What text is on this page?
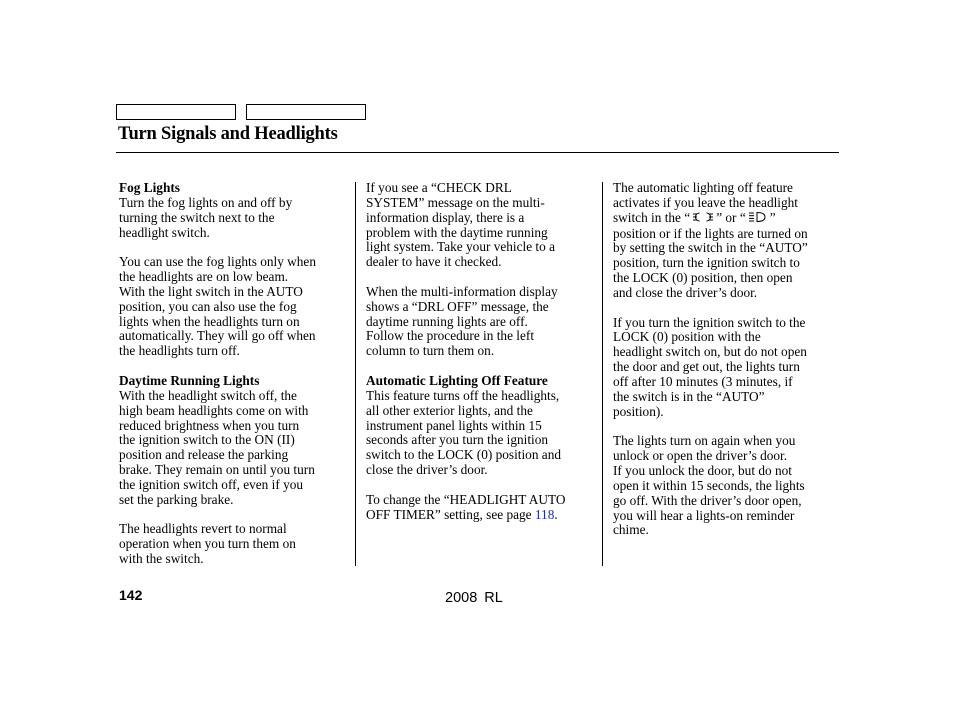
Turn Signals and Headlights

Fog Lights
Turn the fog lights on and off by
turning the switch next to the
headlight switch.

You can use the fog lights only when
the headlights are on low beam.
With the light switch in the AUTO
position, you can also use the fog
lights when the headlights turn on
automatically. They will go off when
the headlights turn off.

Daytime Running Lights
With the headlight switch off, the
high beam headlights come on with
reduced brightness when you turn
the ignition switch to the ON (II)
position and release the parking
brake. They remain on until you turn
the ignition switch off, even if you
set the parking brake.

The headlights revert to normal
operation when you turn them on
with the switch.

If you see a “CHECK DRL
SYSTEM” message on the multi-
information display, there is a
problem with the daytime running
light system. Take your vehicle to a
dealer to have it checked.

When the multi-information display
shows a “DRL OFF” message, the
daytime running lights are off.
Follow the procedure in the left
column to turn them on.

Automatic Lighting Off Feature
This feature turns off the headlights,
all other exterior lights, and the
instrument panel lights within 15
seconds after you turn the ignition
switch to the LOCK (0) position and
close the driver’s door.

To change the “HEADLIGHT AUTO
OFF TIMER” setting, see page 118.

The automatic lighting off feature
activates if you leave the headlight
switch in the “ ” or “ ”
position or if the lights are turned on
by setting the switch in the “AUTO”
position, turn the ignition switch to
the LOCK (0) position, then open
and close the driver’s door.

If you turn the ignition switch to the
LOCK (0) position with the
headlight switch on, but do not open
the door and get out, the lights turn
off after 10 minutes (3 minutes, if
the switch is in the “AUTO”
position).

The lights turn on again when you
unlock or open the driver’s door.
If you unlock the door, but do not
open it within 15 seconds, the lights
go off. With the driver’s door open,
you will hear a lights-on reminder
chime.

142	2008 RL
